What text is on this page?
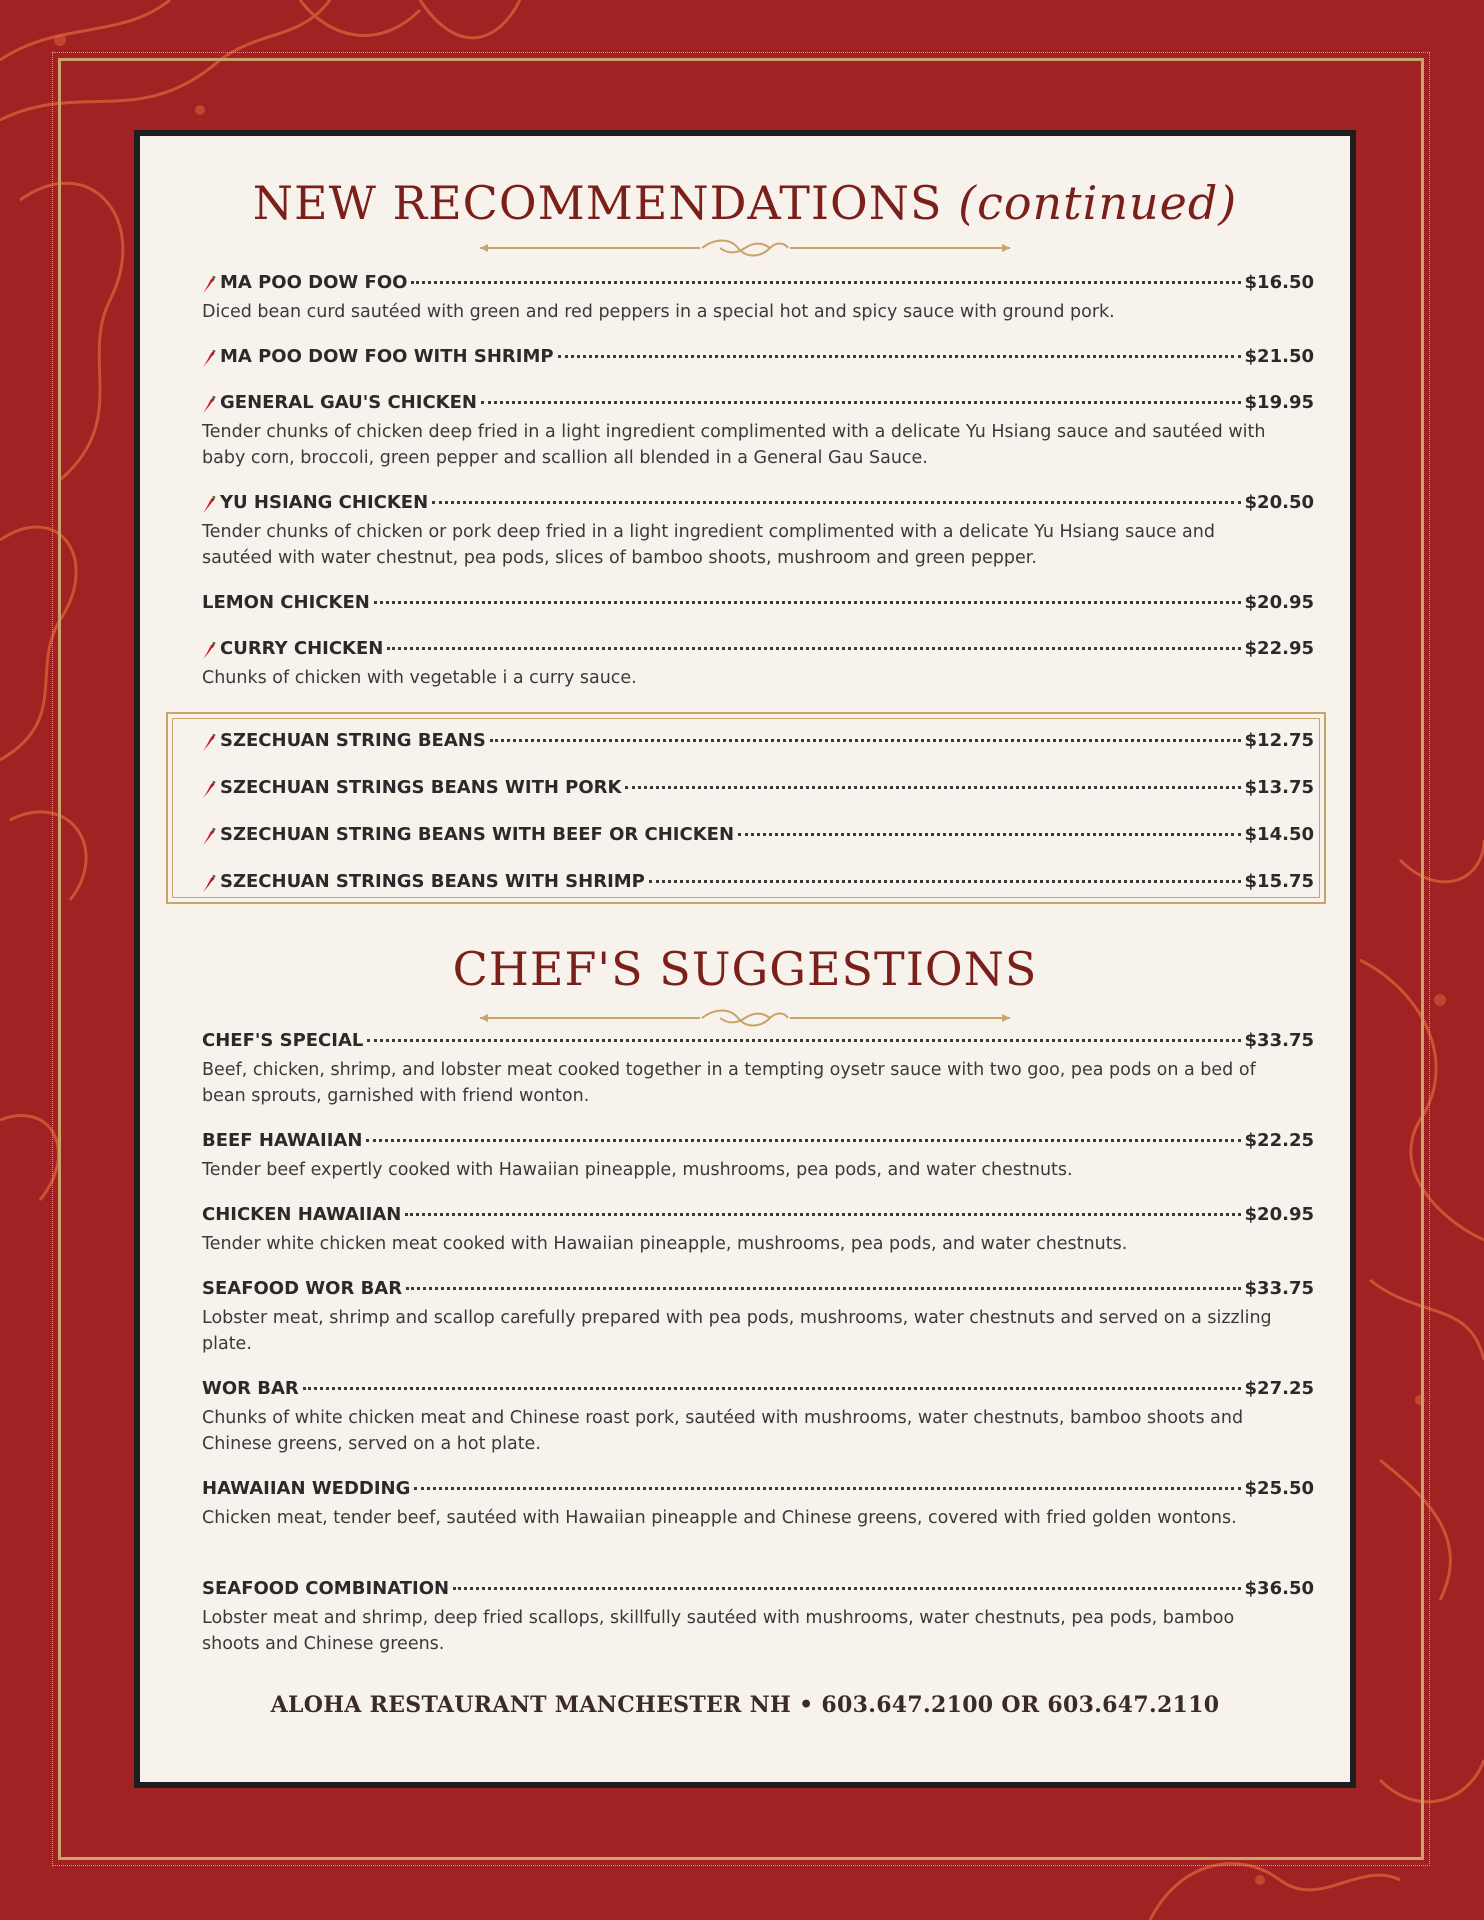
NEW RECOMMENDATIONS (continued)
CHEF'S SUGGESTIONS
ALOHA RESTAURANT MANCHESTER NH • 603.647.2100 OR 603.647.2110
MA POO DOW FOO	$16.50
Diced bean curd sautéed with green and red peppers in a special hot and spicy sauce with ground pork.
MA POO DOW FOO WITH SHRIMP	$21.50
GENERAL GAU'S CHICKEN	$19.95
Tender chunks of chicken deep fried in a light ingredient complimented with a delicate Yu Hsiang sauce and sautéed with baby corn, broccoli, green pepper and scallion all blended in a General Gau Sauce.
YU HSIANG CHICKEN	$20.50
Tender chunks of chicken or pork deep fried in a light ingredient complimented with a delicate Yu Hsiang sauce and sautéed with water chestnut, pea pods, slices of bamboo shoots, mushroom and green pepper.
LEMON CHICKEN	$20.95
CURRY CHICKEN	$22.95
Chunks of chicken with vegetable i a curry sauce.
SZECHUAN STRING BEANS	$12.75
SZECHUAN STRINGS BEANS WITH PORK	$13.75
SZECHUAN STRING BEANS WITH BEEF OR CHICKEN	$14.50
SZECHUAN STRINGS BEANS WITH SHRIMP	$15.75
CHEF'S SPECIAL	$33.75
Beef, chicken, shrimp, and lobster meat cooked together in a tempting oysetr sauce with two goo, pea pods on a bed of bean sprouts, garnished with friend wonton.
BEEF HAWAIIAN	$22.25
Tender beef expertly cooked with Hawaiian pineapple, mushrooms, pea pods, and water chestnuts.
CHICKEN HAWAIIAN	$20.95
Tender white chicken meat cooked with Hawaiian pineapple, mushrooms, pea pods, and water chestnuts.
SEAFOOD WOR BAR	$33.75
Lobster meat, shrimp and scallop carefully prepared with pea pods, mushrooms, water chestnuts and served on a sizzling plate.
WOR BAR	$27.25
Chunks of white chicken meat and Chinese roast pork, sautéed with mushrooms, water chestnuts, bamboo shoots and Chinese greens, served on a hot plate.
HAWAIIAN WEDDING	$25.50
Chicken meat, tender beef, sautéed with Hawaiian pineapple and Chinese greens, covered with fried golden wontons.
SEAFOOD COMBINATION	$36.50
Lobster meat and shrimp, deep fried scallops, skillfully sautéed with mushrooms, water chestnuts, pea pods, bamboo shoots and Chinese greens.
